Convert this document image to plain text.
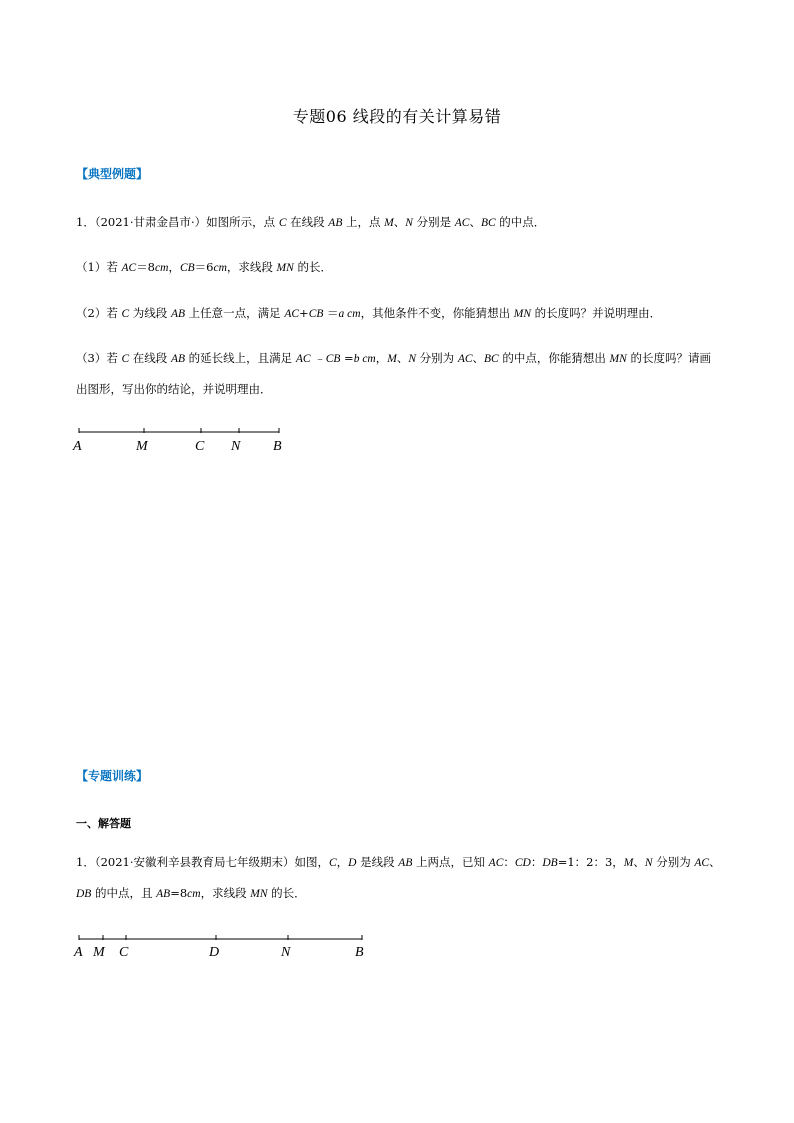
专题06 线段的有关计算易错
【典型例题】
1．（2021·甘肃金昌市·）如图所示，点 C 在线段 AB 上，点 M、N 分别是 AC、BC 的中点．
（1）若 AC＝8cm，CB＝6cm，求线段 MN 的长．
（2）若 C 为线段 AB 上任意一点，满足 AC+CB ＝a cm，其他条件不变，你能猜想出 MN 的长度吗？并说明理由．
（3）若 C 在线段 AB 的延长线上，且满足 AC ﹣CB =b cm，M、N 分别为 AC、BC 的中点，你能猜想出 MN 的长度吗？请画
出图形，写出你的结论，并说明理由．
A	M	C N B
【专题训练】
一、解答题
1．（2021·安徽利辛县教育局七年级期末）如图，C，D 是线段 AB 上两点，已知 AC：CD：DB=1：2：3，M、N 分别为 AC、
DB 的中点，且 AB=8cm，求线段 MN 的长．
A M C	D	N	B
